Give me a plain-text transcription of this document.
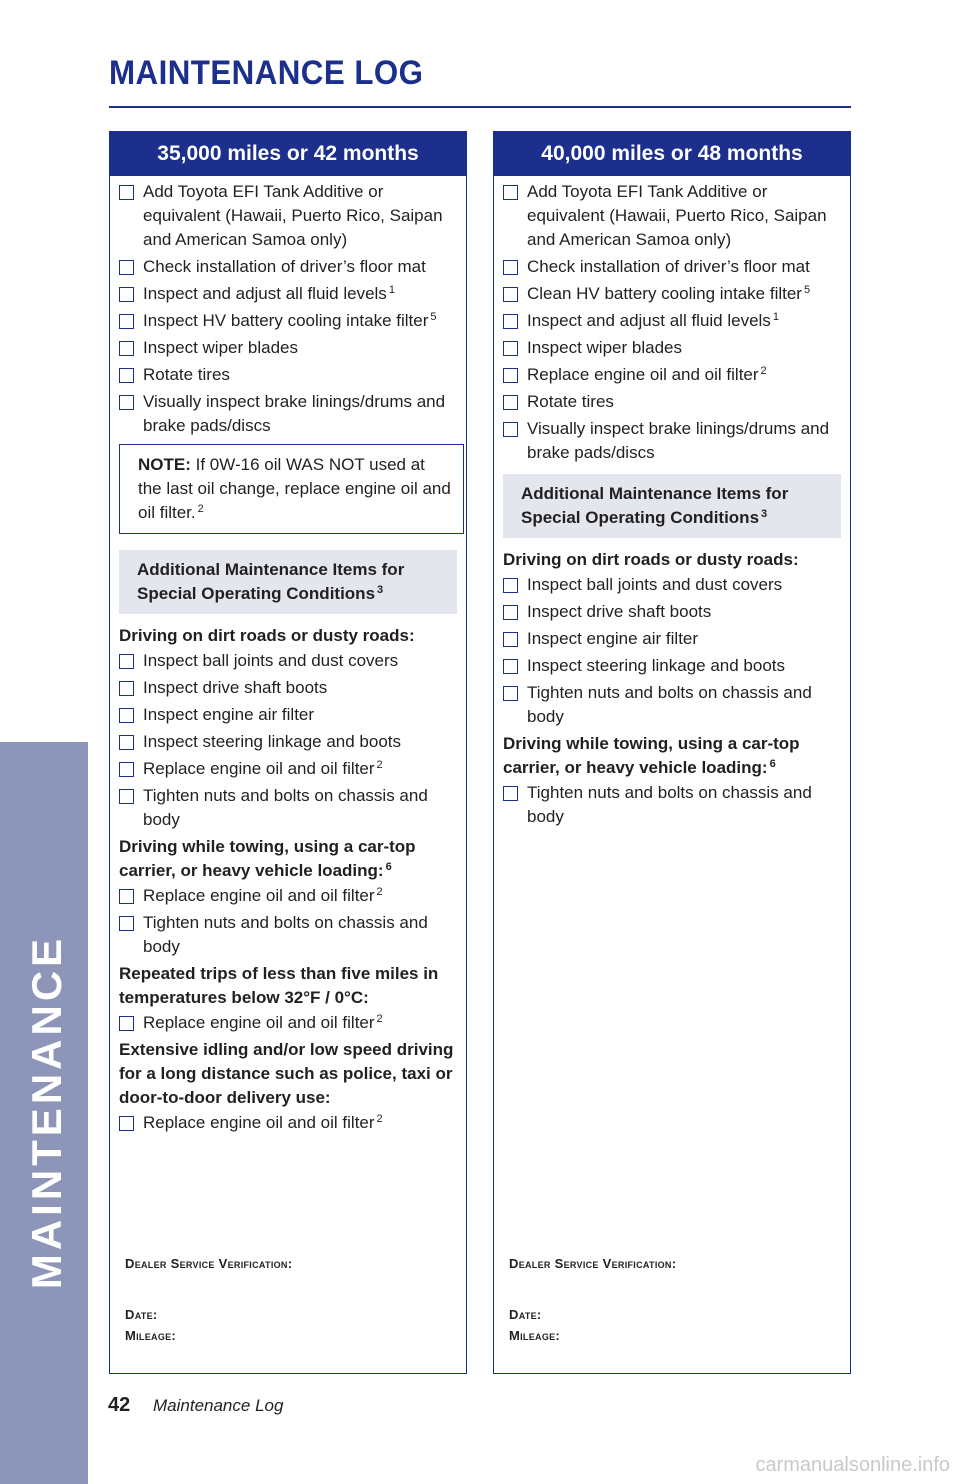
MAINTENANCE
MAINTENANCE LOG
35,000 miles or 42 months
Add Toyota EFI Tank Additive or equivalent (Hawaii, Puerto Rico, Saipan and American Samoa only)
Check installation of driver’s floor mat
Inspect and adjust all fluid levels $^1$
Inspect HV battery cooling intake filter $^5$
Inspect wiper blades
Rotate tires
Visually inspect brake linings/drums and brake pads/discs
NOTE: If 0W-16 oil WAS NOT used at the last oil change, replace engine oil and oil filter. $^2$
Additional Maintenance Items for Special Operating Conditions $^3$
Driving on dirt roads or dusty roads:
Inspect ball joints and dust covers
Inspect drive shaft boots
Inspect engine air filter
Inspect steering linkage and boots
Replace engine oil and oil filter $^2$
Tighten nuts and bolts on chassis and body
Driving while towing, using a car-top carrier, or heavy vehicle loading: $^6$
Replace engine oil and oil filter $^2$
Tighten nuts and bolts on chassis and body
Repeated trips of less than five miles in temperatures below 32°F / 0°C:
Replace engine oil and oil filter $^2$
Extensive idling and/or low speed driving for a long distance such as police, taxi or door-to-door delivery use:
Replace engine oil and oil filter $^2$
Dealer Service Verification:
Date:
Mileage:
40,000 miles or 48 months
Add Toyota EFI Tank Additive or equivalent (Hawaii, Puerto Rico, Saipan and American Samoa only)
Check installation of driver’s floor mat
Clean HV battery cooling intake filter $^5$
Inspect and adjust all fluid levels $^1$
Inspect wiper blades
Replace engine oil and oil filter $^2$
Rotate tires
Visually inspect brake linings/drums and brake pads/discs
Additional Maintenance Items for Special Operating Conditions $^3$
Driving on dirt roads or dusty roads:
Inspect ball joints and dust covers
Inspect drive shaft boots
Inspect engine air filter
Inspect steering linkage and boots
Tighten nuts and bolts on chassis and body
Driving while towing, using a car-top carrier, or heavy vehicle loading: $^6$
Tighten nuts and bolts on chassis and body
Dealer Service Verification:
Date:
Mileage:
42 Maintenance Log
carmanualsonline.info
